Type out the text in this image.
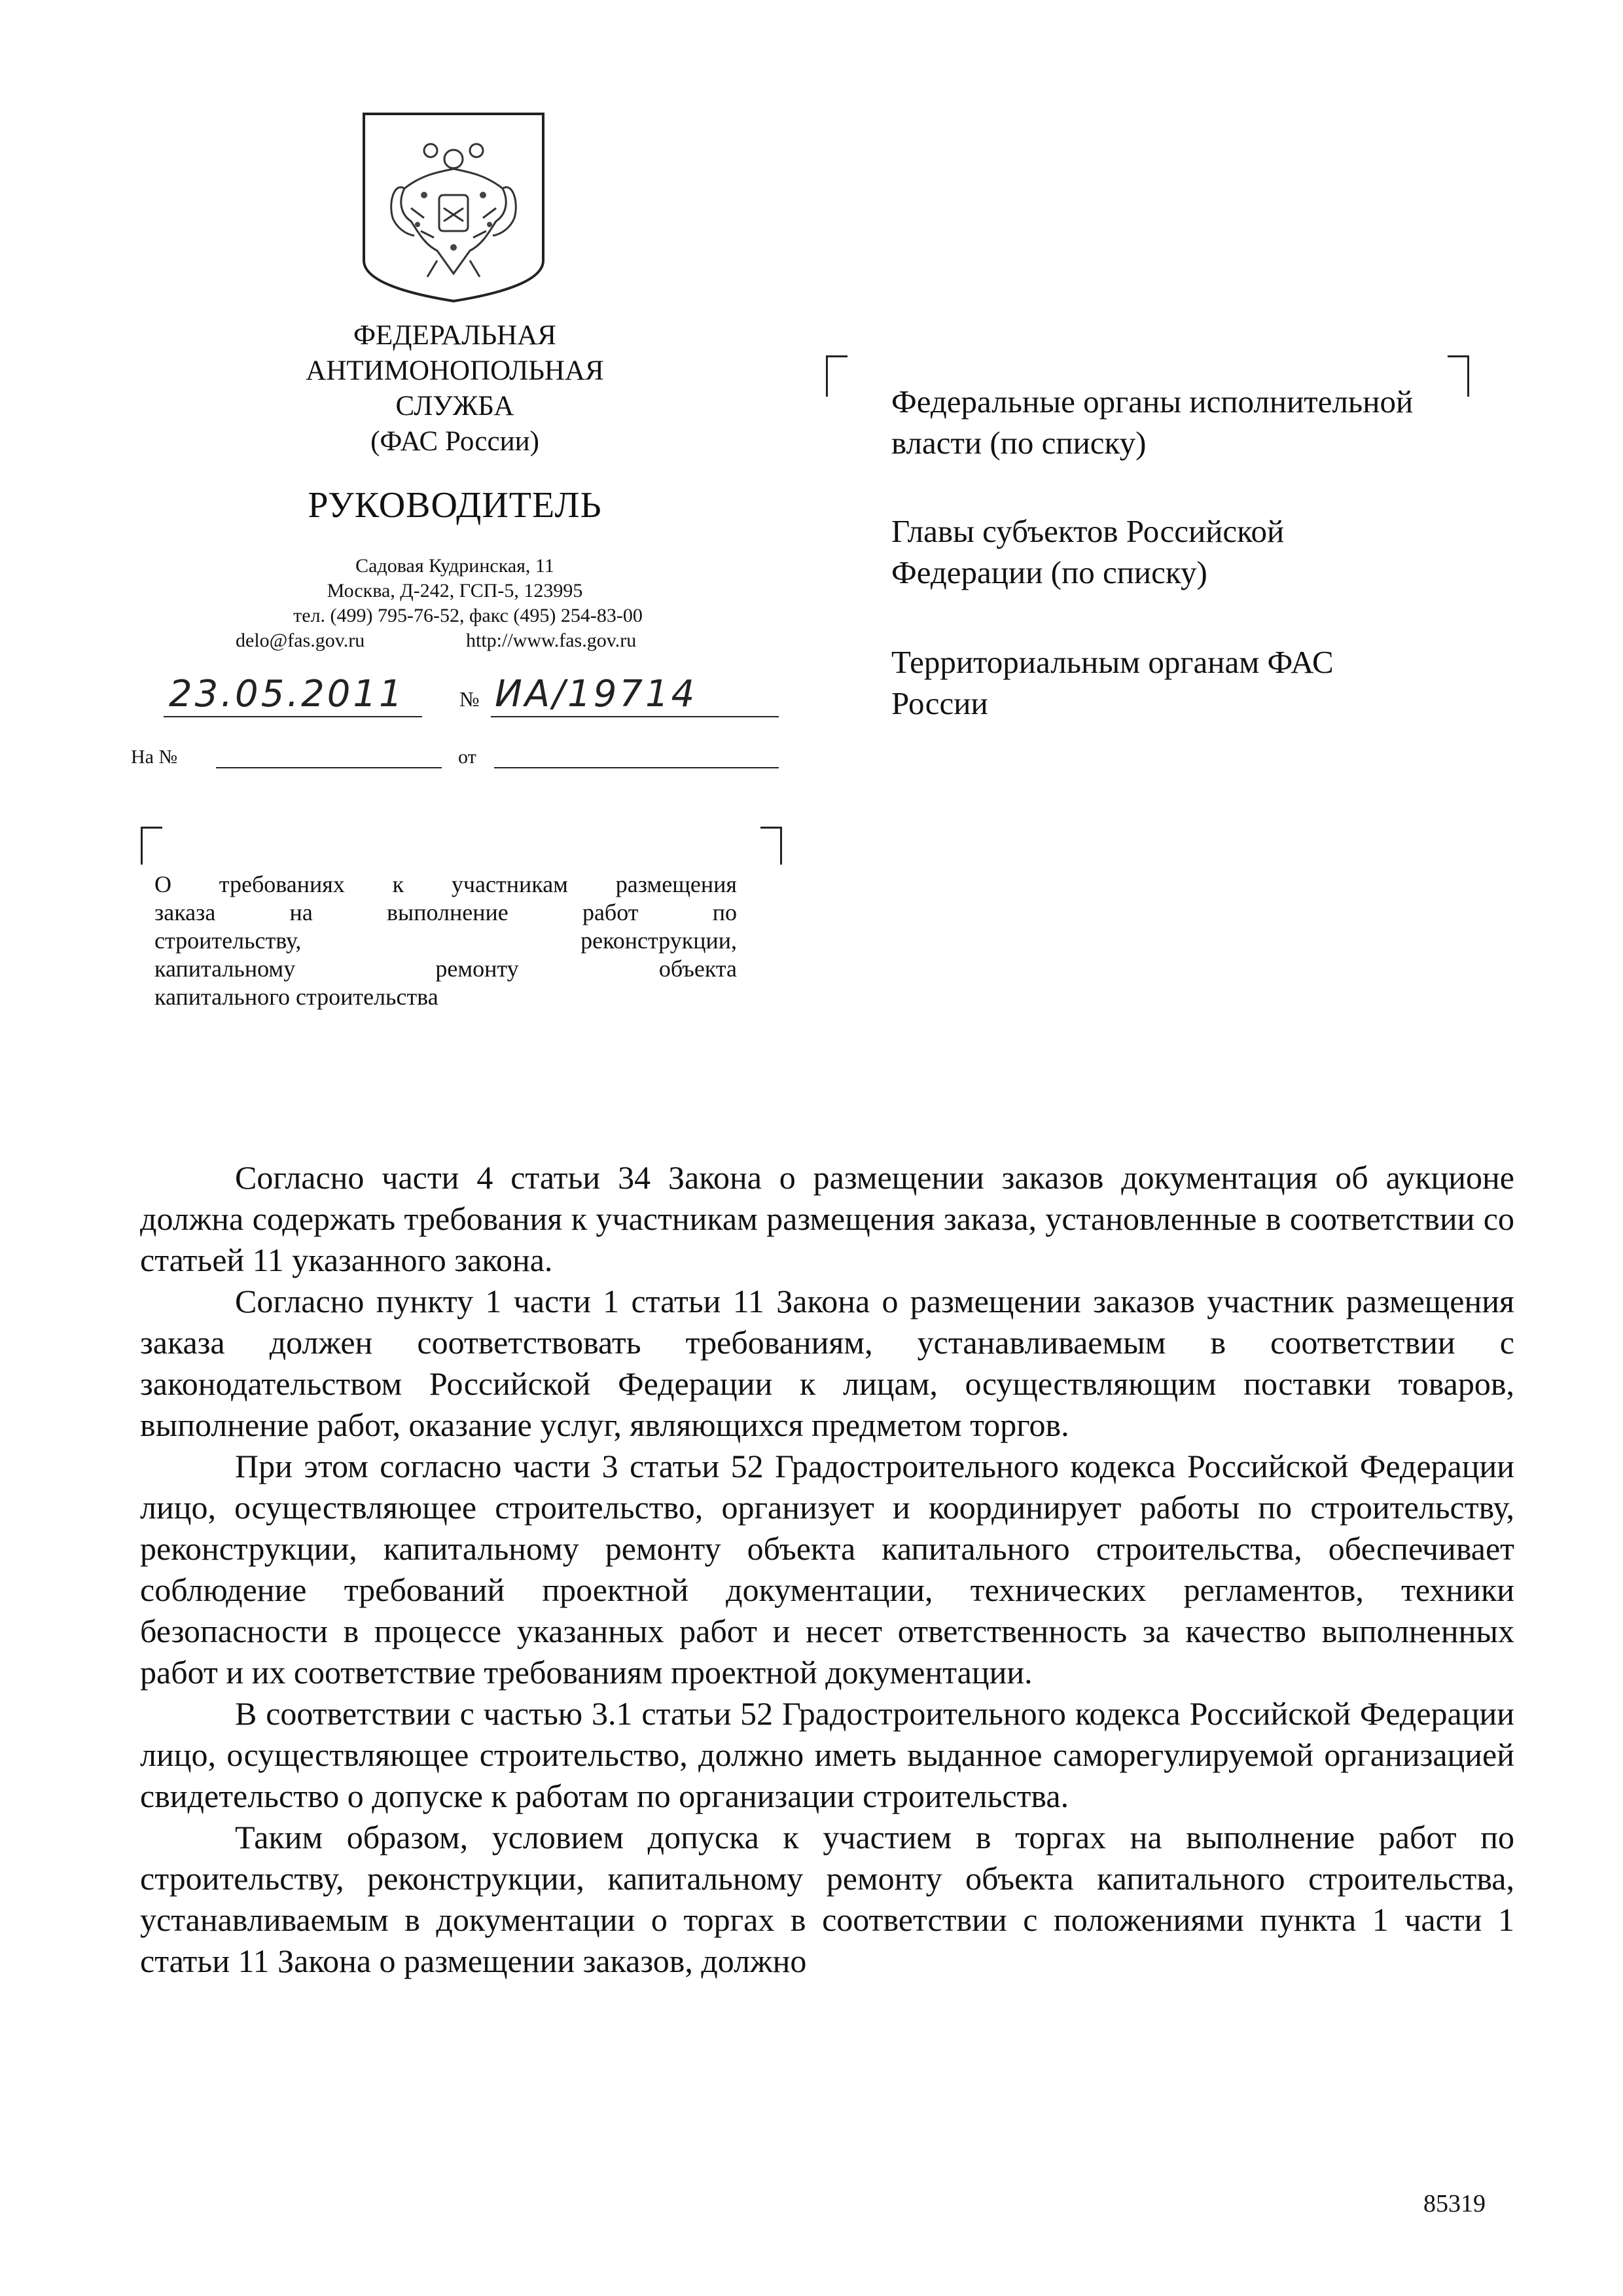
ФЕДЕРАЛЬНАЯ
АНТИМОНОПОЛЬНАЯ
СЛУЖБА
(ФАС России)
РУКОВОДИТЕЛЬ
Садовая Кудринская, 11
Москва, Д-242, ГСП-5, 123995
тел. (499) 795-76-52, факс (495) 254-83-00
delo@fas.gov.ru	http://www.fas.gov.ru
23.05.2011	№ ИА/19714
На №	от
Федеральные органы исполнительной
власти (по списку)
Главы субъектов Российской
Федерации (по списку)
Территориальным органам ФАС
России
О требованиях к участникам размещения
заказа на выполнение работ по
строительству, реконструкции,
капитальному ремонту объекта
капитального строительства

Согласно части 4 статьи 34 Закона о размещении заказов документация об аукционе должна содержать требования к участникам размещения заказа, установленные в соответствии со статьей 11 указанного закона.

Согласно пункту 1 части 1 статьи 11 Закона о размещении заказов участник размещения заказа должен соответствовать требованиям, устанавливаемым в соответствии с законодательством Российской Федерации к лицам, осуществляющим поставки товаров, выполнение работ, оказание услуг, являющихся предметом торгов.

При этом согласно части 3 статьи 52 Градостроительного кодекса Российской Федерации лицо, осуществляющее строительство, организует и координирует работы по строительству, реконструкции, капитальному ремонту объекта капитального строительства, обеспечивает соблюдение требований проектной документации, технических регламентов, техники безопасности в процессе указанных работ и несет ответственность за качество выполненных работ и их соответствие требованиям проектной документации.

В соответствии с частью 3.1 статьи 52 Градостроительного кодекса Российской Федерации лицо, осуществляющее строительство, должно иметь выданное саморегулируемой организацией свидетельство о допуске к работам по организации строительства.

Таким образом, условием допуска к участием в торгах на выполнение работ по строительству, реконструкции, капитальному ремонту объекта капитального строительства, устанавливаемым в документации о торгах в соответствии с положениями пункта 1 части 1 статьи 11 Закона о размещении заказов, должно

85319
